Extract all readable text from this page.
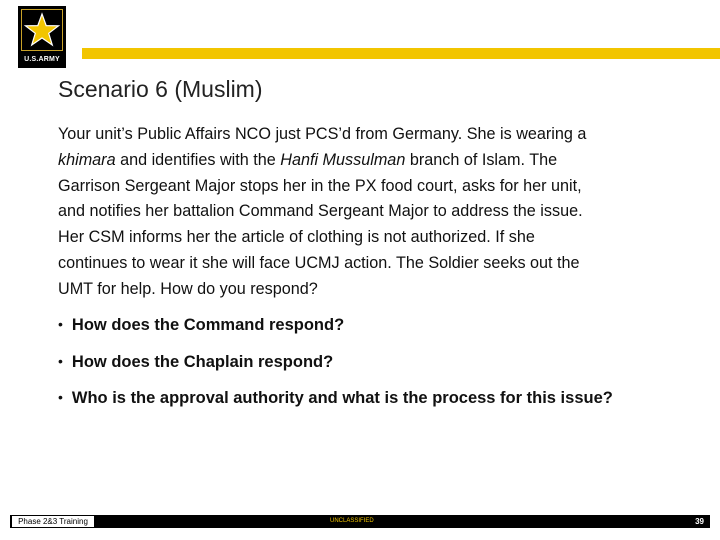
U.S.ARMY
Scenario 6 (Muslim)
Your unit’s Public Affairs NCO just PCS’d from Germany. She is wearing a
khimara and identifies with the Hanfi Mussulman branch of Islam. The
Garrison Sergeant Major stops her in the PX food court, asks for her unit,
and notifies her battalion Command Sergeant Major to address the issue.
Her CSM informs her the article of clothing is not authorized. If she
continues to wear it she will face UCMJ action. The Soldier seeks out the
UMT for help. How do you respond?
• How does the Command respond?
• How does the Chaplain respond?
• Who is the approval authority and what is the process for this issue?
Phase 2&3 Training	UNCLASSIFIED	39
